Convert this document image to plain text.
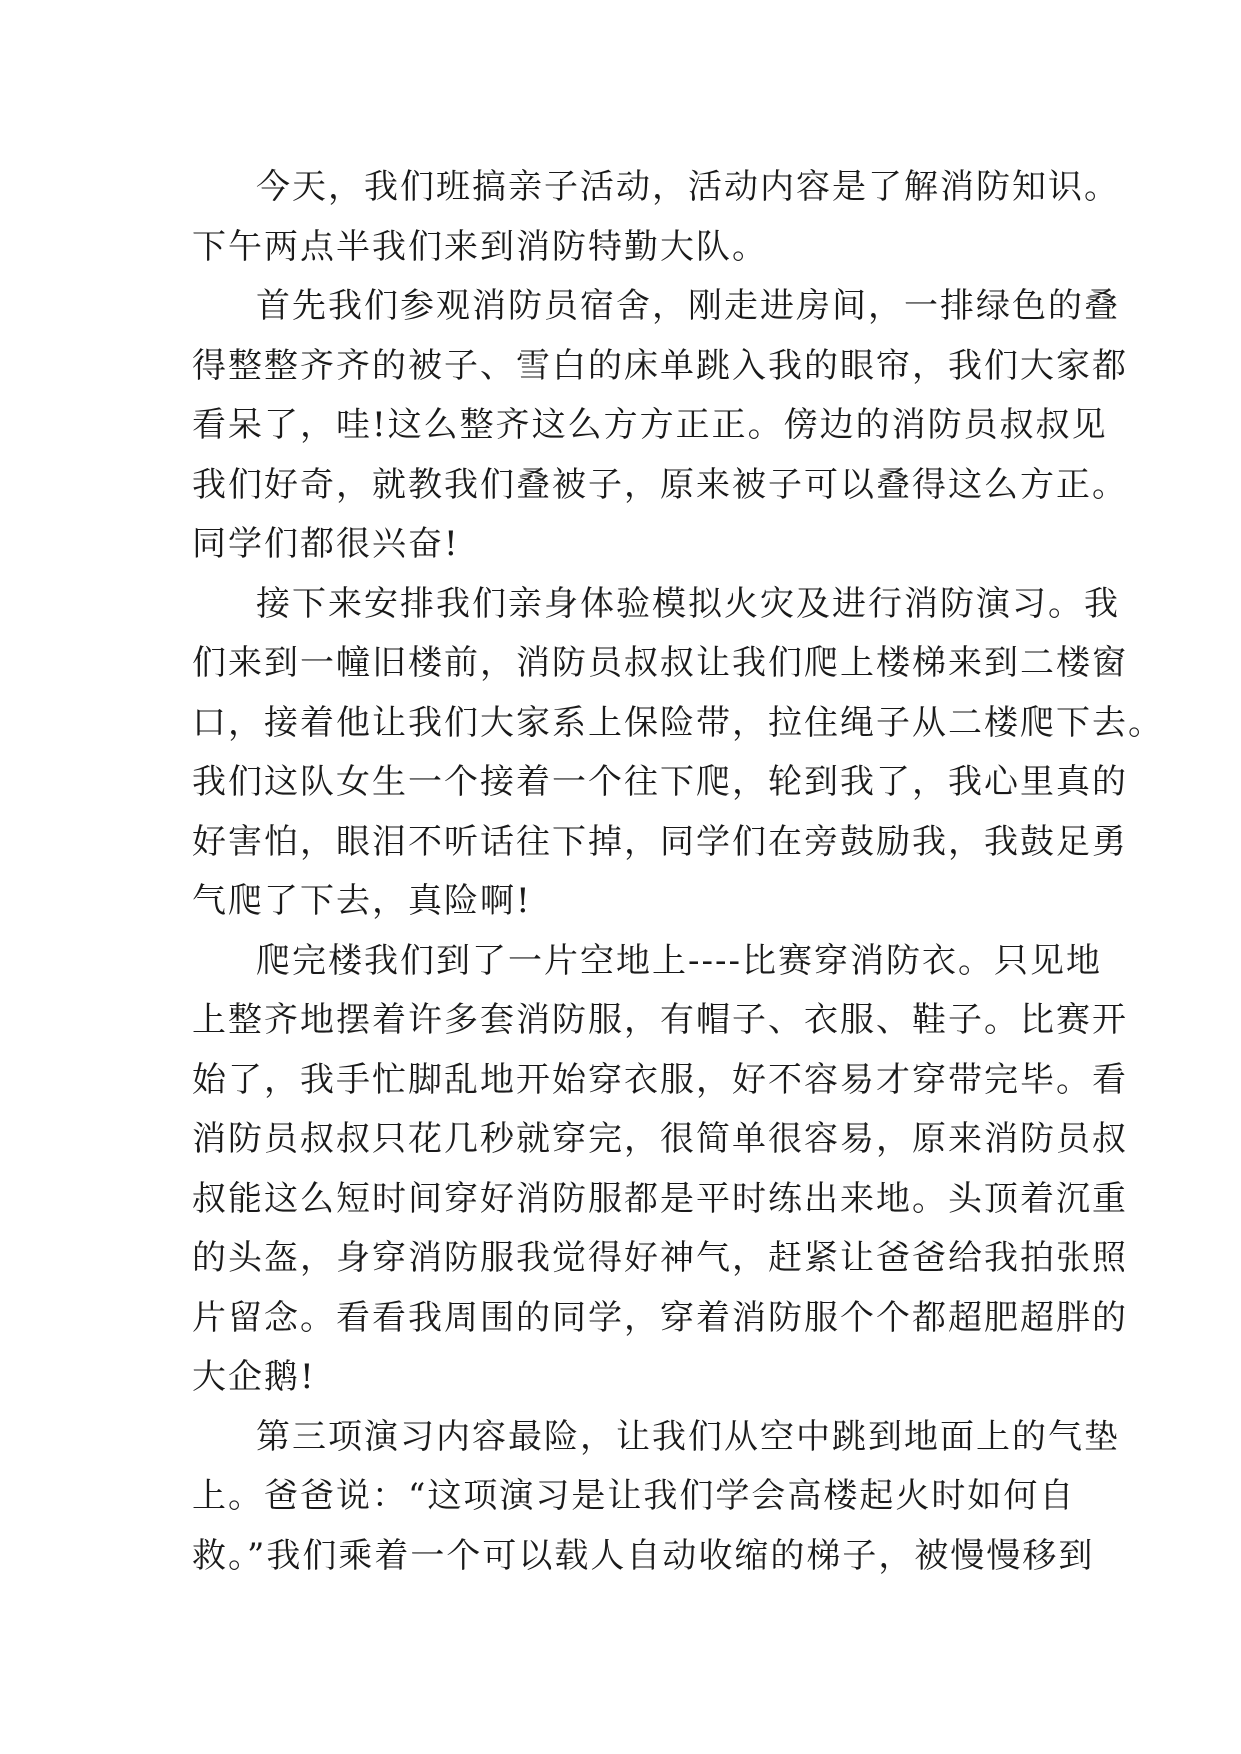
今天，我们班搞亲子活动，活动内容是了解消防知识。
下午两点半我们来到消防特勤大队。
首先我们参观消防员宿舍，刚走进房间，一排绿色的叠
得整整齐齐的被子、雪白的床单跳入我的眼帘，我们大家都
看呆了，哇!这么整齐这么方方正正。傍边的消防员叔叔见
我们好奇，就教我们叠被子，原来被子可以叠得这么方正。
同学们都很兴奋!
接下来安排我们亲身体验模拟火灾及进行消防演习。我
们来到一幢旧楼前，消防员叔叔让我们爬上楼梯来到二楼窗
口，接着他让我们大家系上保险带，拉住绳子从二楼爬下去。
我们这队女生一个接着一个往下爬，轮到我了，我心里真的
好害怕，眼泪不听话往下掉，同学们在旁鼓励我，我鼓足勇
气爬了下去，真险啊!
爬完楼我们到了一片空地上----比赛穿消防衣。只见地
上整齐地摆着许多套消防服，有帽子、衣服、鞋子。比赛开
始了，我手忙脚乱地开始穿衣服，好不容易才穿带完毕。看
消防员叔叔只花几秒就穿完，很简单很容易，原来消防员叔
叔能这么短时间穿好消防服都是平时练出来地。头顶着沉重
的头盔，身穿消防服我觉得好神气，赶紧让爸爸给我拍张照
片留念。看看我周围的同学，穿着消防服个个都超肥超胖的
大企鹅!
第三项演习内容最险，让我们从空中跳到地面上的气垫
上。爸爸说：“这项演习是让我们学会高楼起火时如何自
救。”我们乘着一个可以载人自动收缩的梯子，被慢慢移到
